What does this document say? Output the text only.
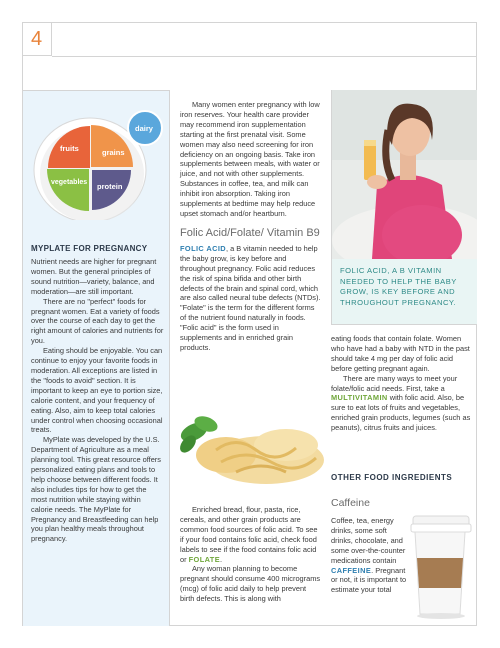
4
fruits	grains
vegetables protein
dairy
MYPLATE FOR PREGNANCY

Nutrient needs are higher for pregnant women. But the general principles of sound nutrition—variety, balance, and moderation—are still important.

There are no "perfect" foods for pregnant women. Eat a variety of foods over the course of each day to get the right amount of calories and nutrients for you.

Eating should be enjoyable. You can continue to enjoy your favorite foods in moderation. All exceptions are listed in the "foods to avoid" section. It is important to keep an eye to portion size, calorie content, and your frequency of eating. Also, aim to keep total calories under control when choosing occasional treats.

MyPlate was developed by the U.S. Department of Agriculture as a meal planning tool. This great resource offers personalized eating plans and tools to help choose between different foods. It also includes tips for how to get the most nutrition while staying within calorie needs. The MyPlate for Pregnancy and Breastfeeding can help you plan healthy meals throughout pregnancy.

Many women enter pregnancy with low iron reserves. Your health care provider may recommend iron supplementation starting at the first prenatal visit. Some women may also need screening for iron deficiency on an ongoing basis. Take iron supplements between meals, with water or juice, and not with other supplements. Substances in coffee, tea, and milk can inhibit iron absorption. Taking iron supplements at bedtime may help reduce upset stomach and/or heartburn.

Folic Acid/Folate/ Vitamin B9

FOLIC ACID, a B vitamin needed to help the baby grow, is key before and throughout pregnancy. Folic acid reduces the risk of spina bifida and other birth defects of the brain and spinal cord, which are also called neural tube defects (NTDs). "Folate" is the term for the different forms of the nutrient found naturally in foods. "Folic acid" is the form used in supplements and in enriched grain products.

Enriched bread, flour, pasta, rice, cereals, and other grain products are common food sources of folic acid. To see if your food contains folic acid, check food labels to see if the food contains folic acid or FOLATE.

Any woman planning to become pregnant should consume 400 micrograms (mcg) of folic acid daily to help prevent birth defects. This is along with

FOLIC ACID, A B VITAMIN NEEDED TO HELP THE BABY GROW, IS KEY BEFORE AND THROUGHOUT PREGNANCY.

eating foods that contain folate. Women who have had a baby with NTD in the past should take 4 mg per day of folic acid before getting pregnant again.

There are many ways to meet your folate/folic acid needs. First, take a MULTIVITAMIN with folic acid. Also, be sure to eat lots of fruits and vegetables, enriched grain products, legumes (such as peanuts), citrus fruits and juices.

OTHER FOOD INGREDIENTS
Caffeine

Coffee, tea, energy drinks, some soft drinks, chocolate, and some over-the-counter medications contain CAFFEINE. Pregnant or not, it is important to estimate your total
